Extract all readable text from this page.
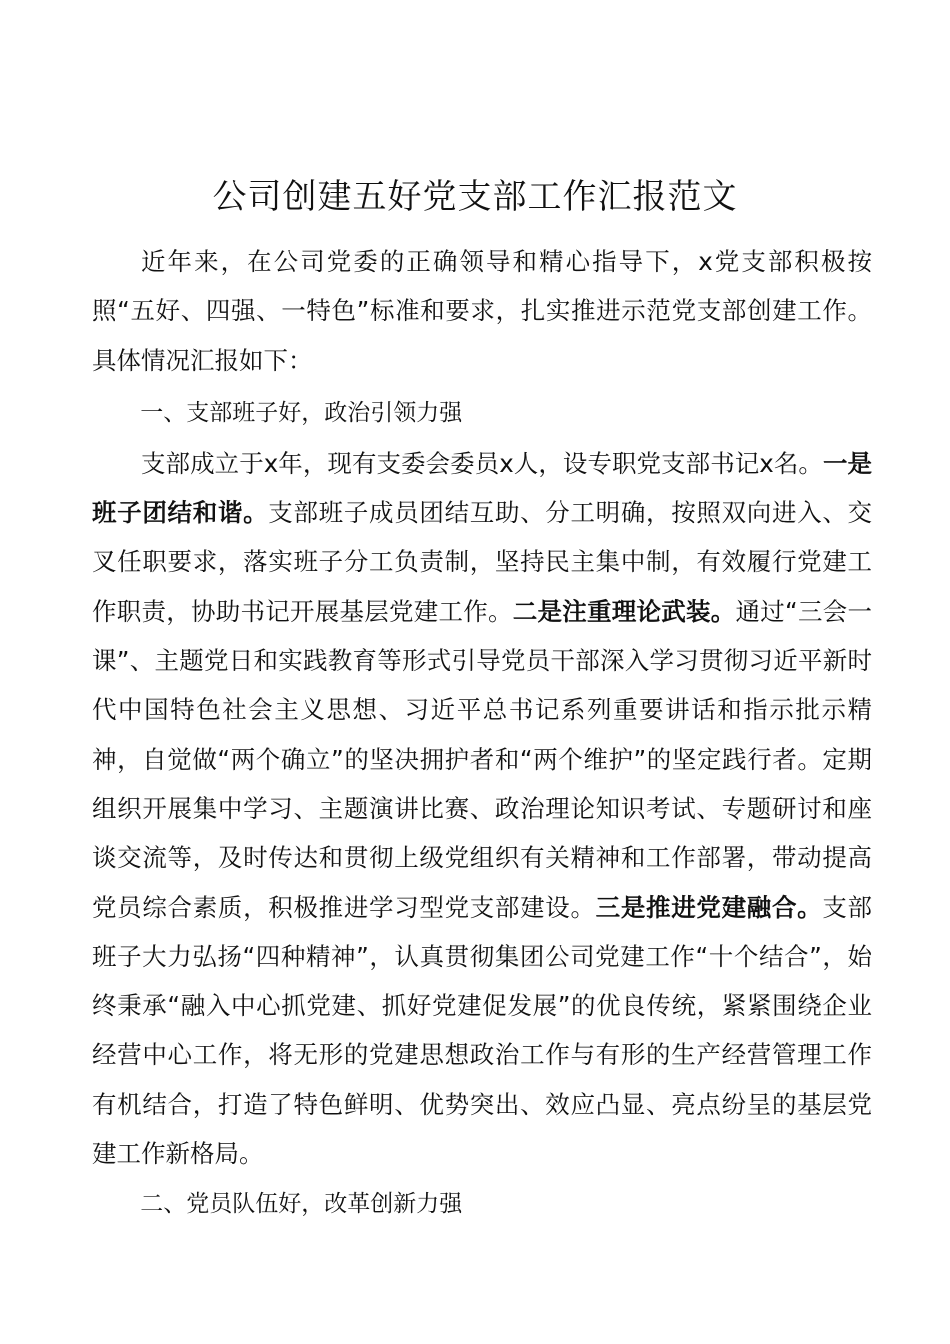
公司创建五好党支部工作汇报范文

近年来，在公司党委的正确领导和精心指导下，x党支部积极按照“五好、四强、一特色”标准和要求，扎实推进示范党支部创建工作。具体情况汇报如下：

一、支部班子好，政治引领力强

支部成立于x年，现有支委会委员x人，设专职党支部书记x名。一是班子团结和谐。支部班子成员团结互助、分工明确，按照双向进入、交叉任职要求，落实班子分工负责制，坚持民主集中制，有效履行党建工作职责，协助书记开展基层党建工作。二是注重理论武装。通过“三会一课”、主题党日和实践教育等形式引导党员干部深入学习贯彻习近平新时代中国特色社会主义思想、习近平总书记系列重要讲话和指示批示精神，自觉做“两个确立”的坚决拥护者和“两个维护”的坚定践行者。定期组织开展集中学习、主题演讲比赛、政治理论知识考试、专题研讨和座谈交流等，及时传达和贯彻上级党组织有关精神和工作部署，带动提高党员综合素质，积极推进学习型党支部建设。三是推进党建融合。支部班子大力弘扬“四种精神”，认真贯彻集团公司党建工作“十个结合”，始终秉承“融入中心抓党建、抓好党建促发展”的优良传统，紧紧围绕企业经营中心工作，将无形的党建思想政治工作与有形的生产经营管理工作有机结合，打造了特色鲜明、优势突出、效应凸显、亮点纷呈的基层党建工作新格局。

二、党员队伍好，改革创新力强
